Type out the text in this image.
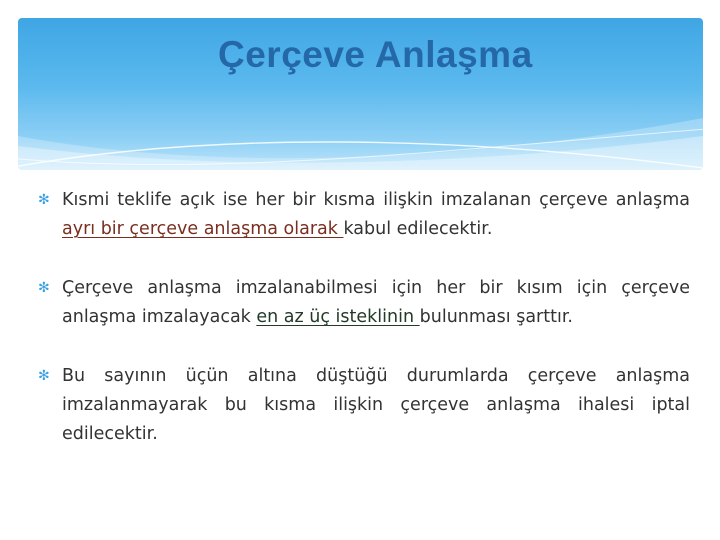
Çerçeve Anlaşma

✻ Kısmi teklife açık ise her bir kısma ilişkin imzalanan çerçeve anlaşma ayrı bir çerçeve anlaşma olarak kabul edilecektir.

✻ Çerçeve anlaşma imzalanabilmesi için her bir kısım için çerçeve anlaşma imzalayacak en az üç isteklinin bulunması şarttır.

✻ Bu sayının üçün altına düştüğü durumlarda çerçeve anlaşma imzalanmayarak bu kısma ilişkin çerçeve anlaşma ihalesi iptal edilecektir.
